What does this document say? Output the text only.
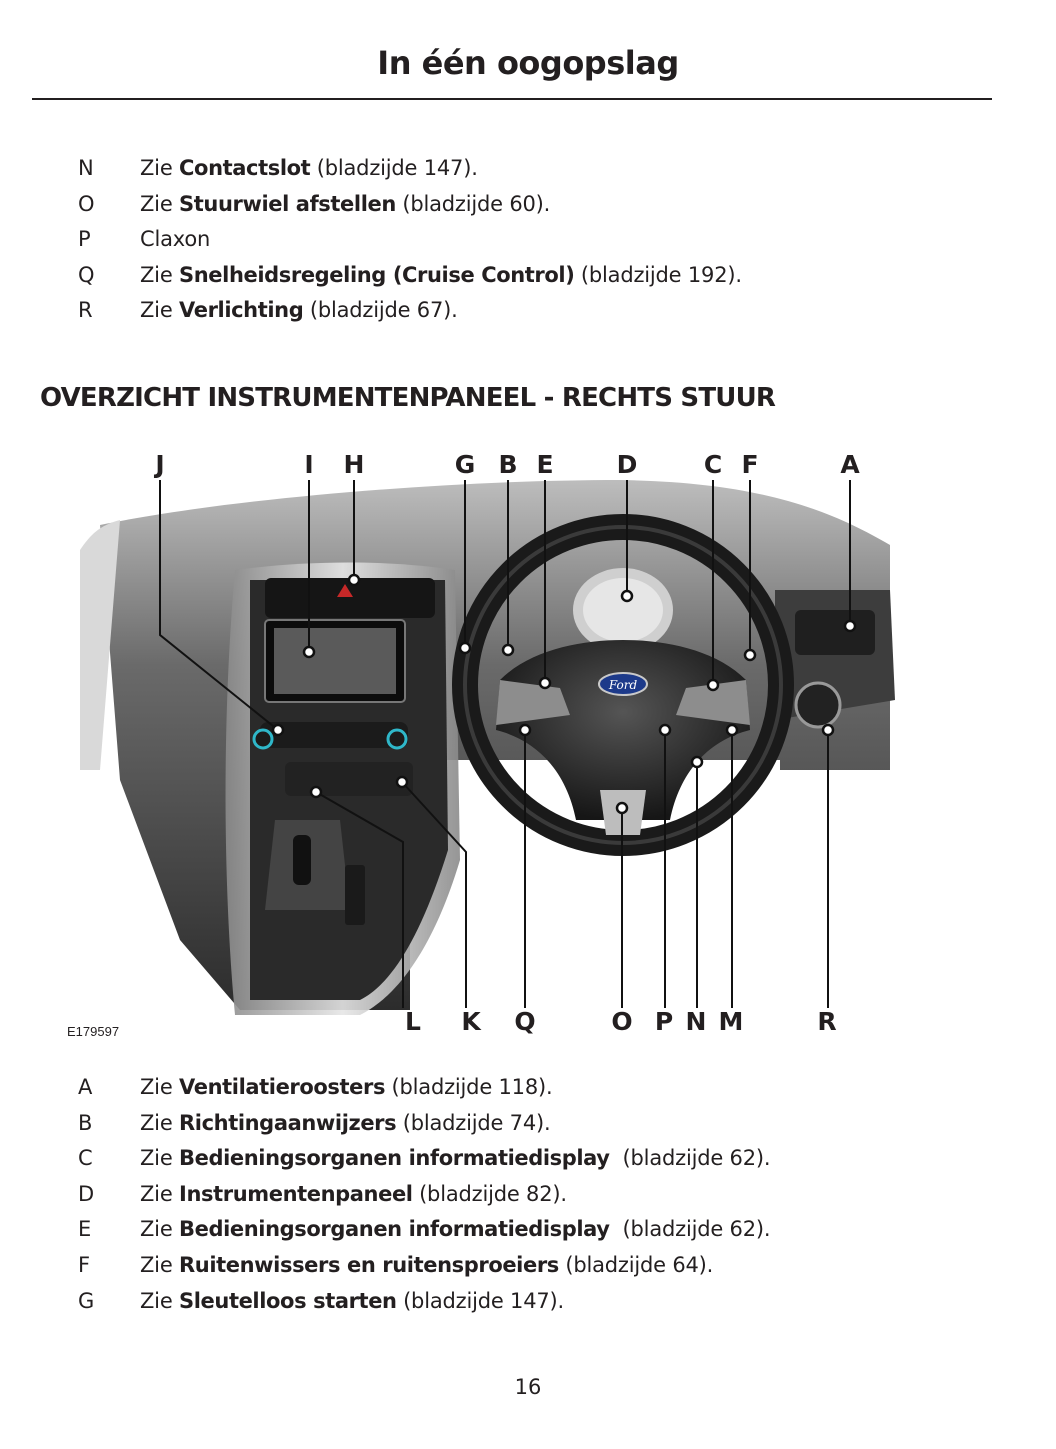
In één oogopslag
N Zie Contactslot (bladzijde 147).
O Zie Stuurwiel afstellen (bladzijde 60).
P	Claxon
Q Zie Snelheidsregeling (Cruise Control) (bladzijde 192).
R Zie Verlichting (bladzijde 67).
OVERZICHT INSTRUMENTENPANEEL - RECHTS STUUR
Ford
J	I H	G B E	D	C F	A
L K Q	O P N M	R
E179597
A Zie Ventilatieroosters (bladzijde 118).
B Zie Richtingaanwijzers (bladzijde 74).
C Zie Bedieningsorganen informatiedisplay  (bladzijde 62).
D Zie Instrumentenpaneel (bladzijde 82).
E	Zie Bedieningsorganen informatiedisplay  (bladzijde 62).
F	Zie Ruitenwissers en ruitensproeiers (bladzijde 64).
G Zie Sleutelloos starten (bladzijde 147).
16
